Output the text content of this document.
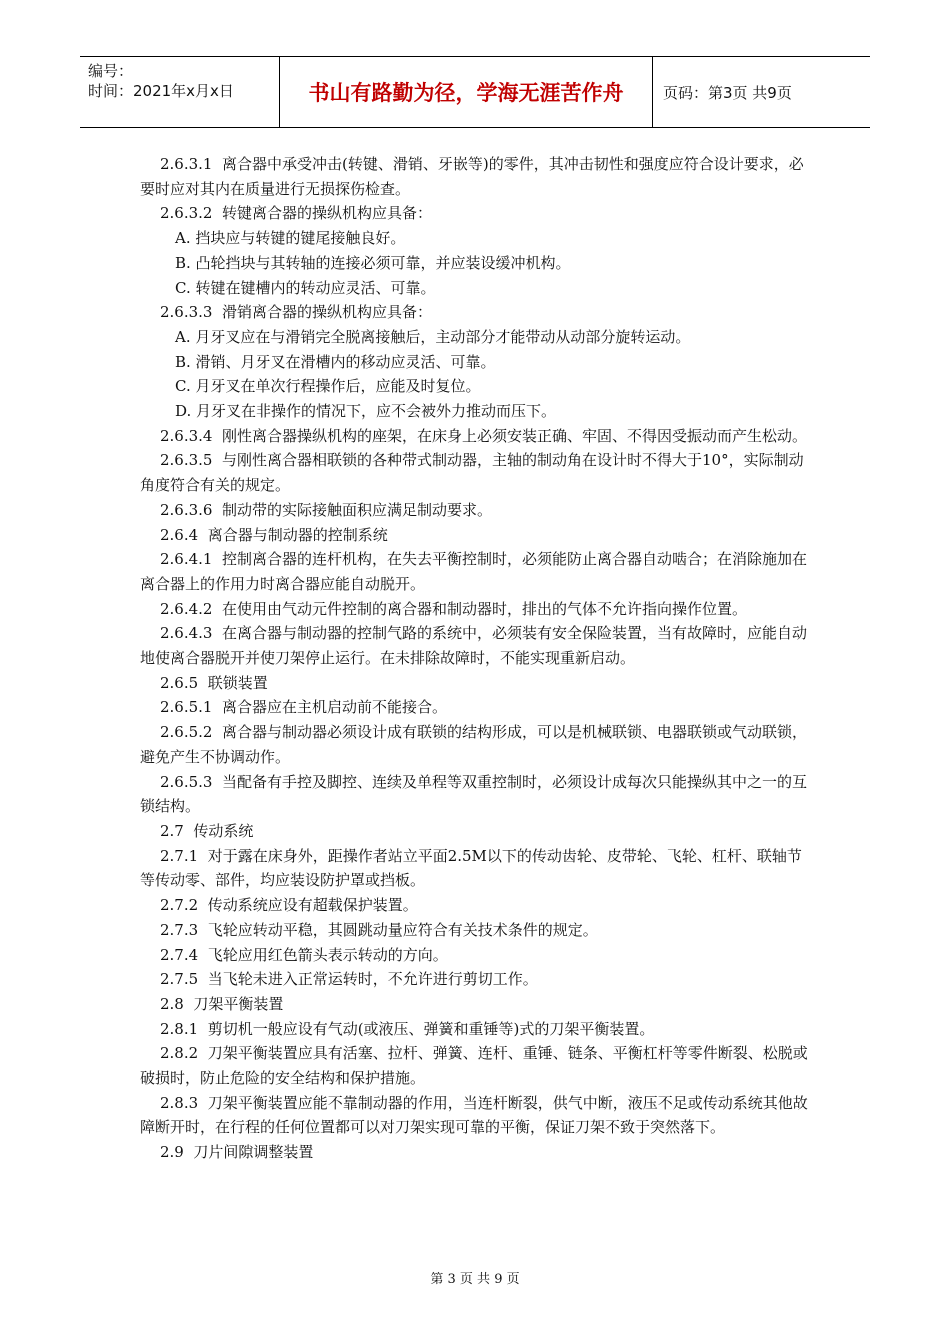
编号：
时间：2021年x月x日	书山有路勤为径，学海无涯苦作舟	页码：第3页 共9页

2.6.3.1  离合器中承受冲击(转键、滑销、牙嵌等)的零件，其冲击韧性和强度应符合设计要求，必要时应对其内在质量进行无损探伤检查。

2.6.3.2  转键离合器的操纵机构应具备：

A. 挡块应与转键的键尾接触良好。

B. 凸轮挡块与其转轴的连接必须可靠，并应装设缓冲机构。

C. 转键在键槽内的转动应灵活、可靠。

2.6.3.3  滑销离合器的操纵机构应具备：

A. 月牙叉应在与滑销完全脱离接触后，主动部分才能带动从动部分旋转运动。

B. 滑销、月牙叉在滑槽内的移动应灵活、可靠。

C. 月牙叉在单次行程操作后，应能及时复位。

D. 月牙叉在非操作的情况下，应不会被外力推动而压下。

2.6.3.4  刚性离合器操纵机构的座架，在床身上必须安装正确、牢固、不得因受振动而产生松动。

2.6.3.5  与刚性离合器相联锁的各种带式制动器，主轴的制动角在设计时不得大于10°，实际制动角度符合有关的规定。

2.6.3.6  制动带的实际接触面积应满足制动要求。

2.6.4  离合器与制动器的控制系统

2.6.4.1  控制离合器的连杆机构，在失去平衡控制时，必须能防止离合器自动啮合；在消除施加在离合器上的作用力时离合器应能自动脱开。

2.6.4.2  在使用由气动元件控制的离合器和制动器时，排出的气体不允许指向操作位置。

2.6.4.3  在离合器与制动器的控制气路的系统中，必须装有安全保险装置，当有故障时，应能自动地使离合器脱开并使刀架停止运行。在未排除故障时，不能实现重新启动。

2.6.5  联锁装置

2.6.5.1  离合器应在主机启动前不能接合。

2.6.5.2  离合器与制动器必须设计成有联锁的结构形成，可以是机械联锁、电器联锁或气动联锁，避免产生不协调动作。

2.6.5.3  当配备有手控及脚控、连续及单程等双重控制时，必须设计成每次只能操纵其中之一的互锁结构。

2.7  传动系统

2.7.1  对于露在床身外，距操作者站立平面2.5M以下的传动齿轮、皮带轮、飞轮、杠杆、联轴节等传动零、部件，均应装设防护罩或挡板。

2.7.2  传动系统应设有超载保护装置。

2.7.3  飞轮应转动平稳，其圆跳动量应符合有关技术条件的规定。

2.7.4  飞轮应用红色箭头表示转动的方向。

2.7.5  当飞轮未进入正常运转时，不允许进行剪切工作。

2.8  刀架平衡装置

2.8.1  剪切机一般应设有气动(或液压、弹簧和重锤等)式的刀架平衡装置。

2.8.2  刀架平衡装置应具有活塞、拉杆、弹簧、连杆、重锤、链条、平衡杠杆等零件断裂、松脱或破损时，防止危险的安全结构和保护措施。

2.8.3  刀架平衡装置应能不靠制动器的作用，当连杆断裂，供气中断，液压不足或传动系统其他故障断开时，在行程的任何位置都可以对刀架实现可靠的平衡，保证刀架不致于突然落下。

2.9  刀片间隙调整装置

第 3 页 共 9 页
